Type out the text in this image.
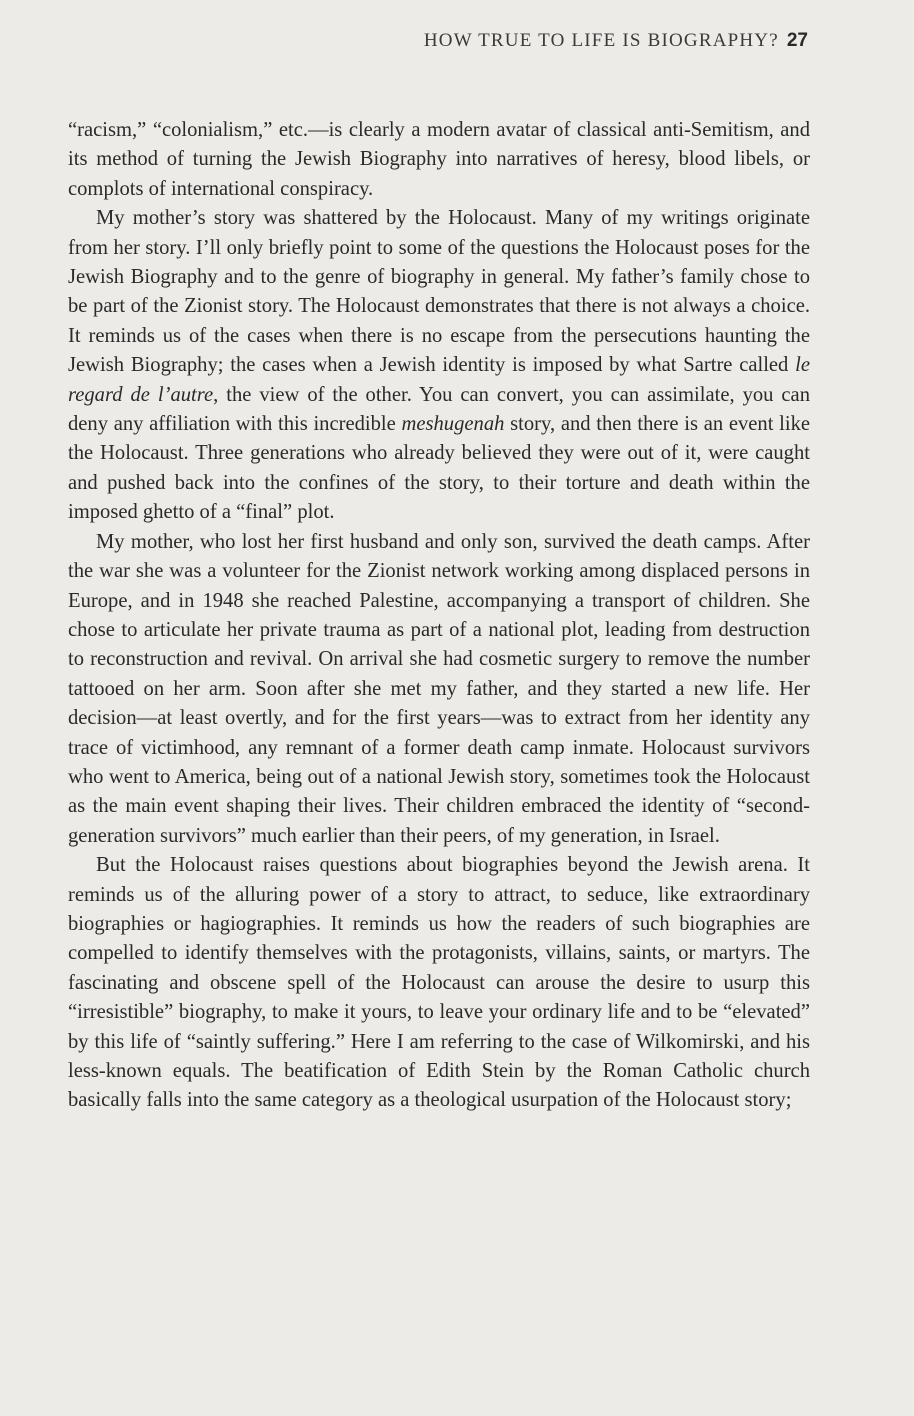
HOW TRUE TO LIFE IS BIOGRAPHY? 27

“racism,” “colonialism,” etc.—is clearly a modern avatar of classical anti-Semitism, and its method of turning the Jewish Biography into narratives of heresy, blood libels, or complots of international conspiracy.

My mother’s story was shattered by the Holocaust. Many of my writings originate from her story. I’ll only briefly point to some of the questions the Holocaust poses for the Jewish Biography and to the genre of biography in general. My father’s family chose to be part of the Zionist story. The Holocaust demonstrates that there is not always a choice. It reminds us of the cases when there is no escape from the persecutions haunting the Jewish Biography; the cases when a Jewish identity is imposed by what Sartre called le regard de l’autre, the view of the other. You can convert, you can assimilate, you can deny any affiliation with this incredible meshugenah story, and then there is an event like the Holocaust. Three generations who already believed they were out of it, were caught and pushed back into the confines of the story, to their torture and death within the imposed ghetto of a “final” plot.

My mother, who lost her first husband and only son, survived the death camps. After the war she was a volunteer for the Zionist network working among displaced persons in Europe, and in 1948 she reached Palestine, accompanying a transport of children. She chose to articulate her private trauma as part of a national plot, leading from destruction to reconstruction and revival. On arrival she had cosmetic surgery to remove the number tattooed on her arm. Soon after she met my father, and they started a new life. Her decision—at least overtly, and for the first years—was to extract from her identity any trace of victimhood, any remnant of a former death camp inmate. Holocaust survivors who went to America, being out of a national Jewish story, sometimes took the Holocaust as the main event shaping their lives. Their children embraced the identity of “second-generation survivors” much earlier than their peers, of my generation, in Israel.

But the Holocaust raises questions about biographies beyond the Jewish arena. It reminds us of the alluring power of a story to attract, to seduce, like extraordinary biographies or hagiographies. It reminds us how the readers of such biographies are compelled to identify themselves with the protagonists, villains, saints, or martyrs. The fascinating and obscene spell of the Holocaust can arouse the desire to usurp this “irresistible” biography, to make it yours, to leave your ordinary life and to be “elevated” by this life of “saintly suffering.” Here I am referring to the case of Wilkomirski, and his less-known equals. The beatification of Edith Stein by the Roman Catholic church basically falls into the same category as a theological usurpation of the Holocaust story;
